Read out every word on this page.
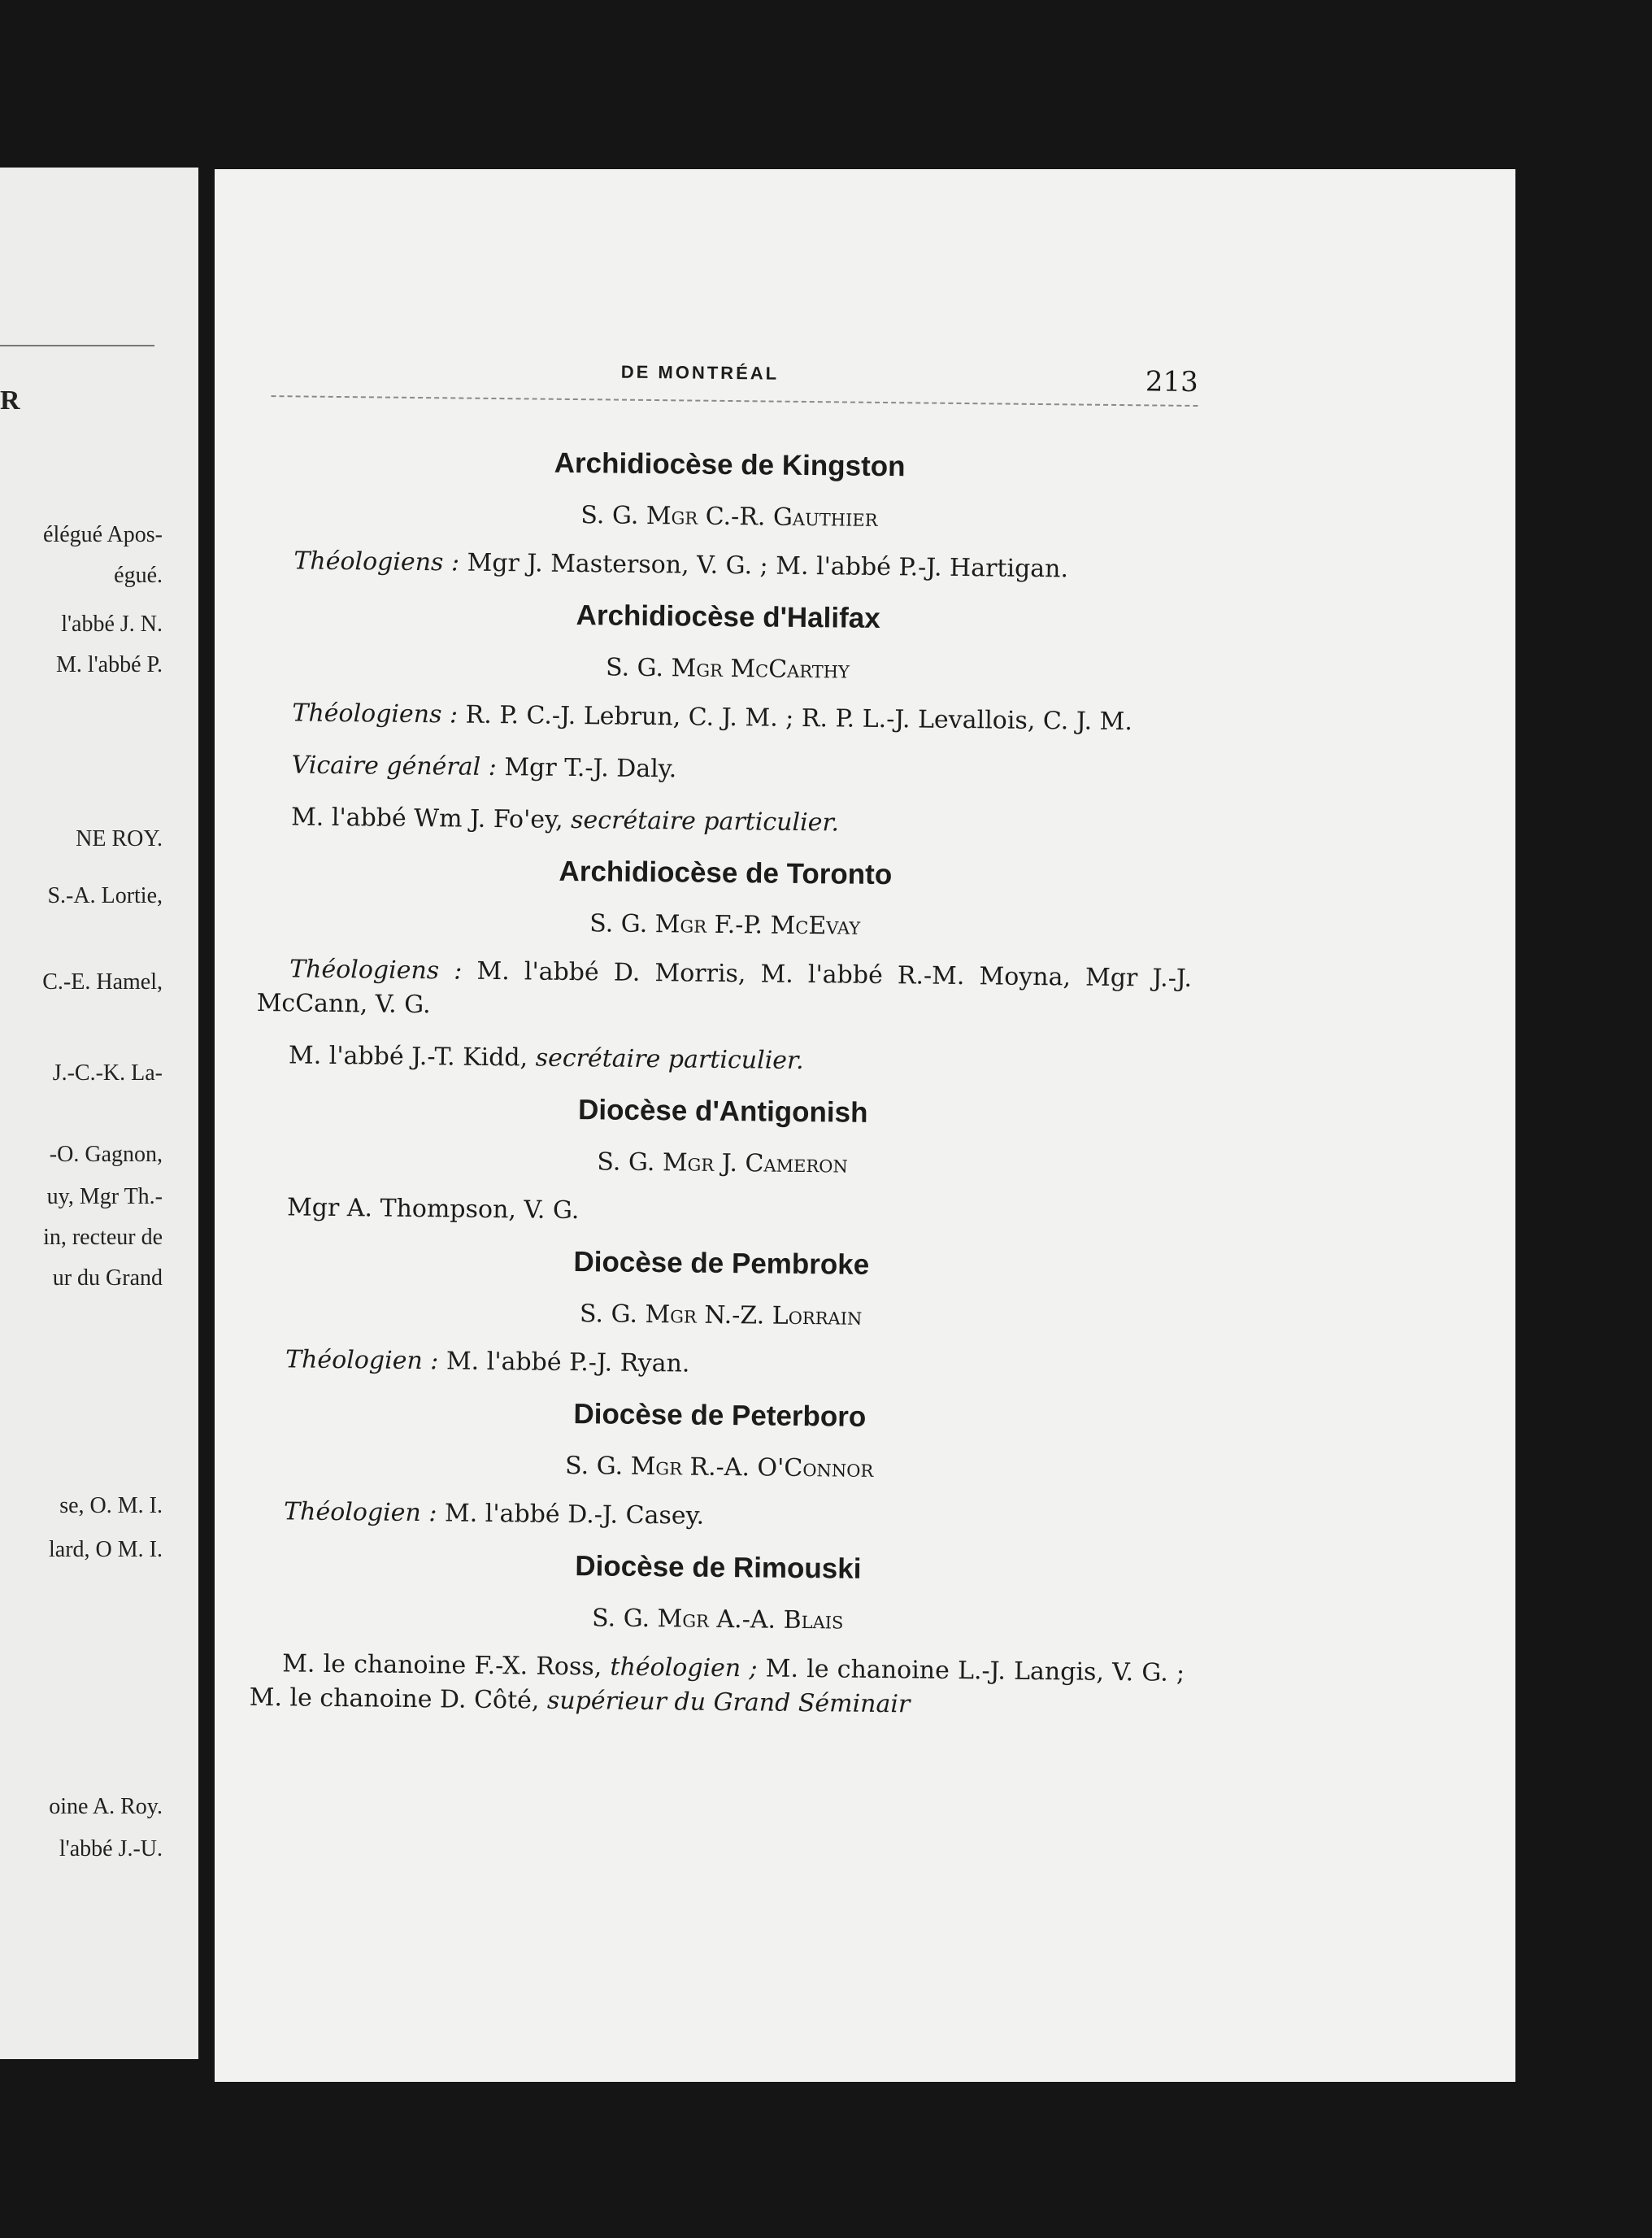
R
élégué Apos-
égué.
l'abbé J. N.
M. l'abbé P.
NE ROY.
S.-A. Lortie,
C.-E. Hamel,
J.-C.-K. La-
-O. Gagnon,
uy, Mgr Th.-
in, recteur de
ur du Grand
se, O. M. I.
lard, O M. I.
oine A. Roy.
l'abbé J.-U.
DE MONTRÉAL	213
Archidiocèse de Kingston

S. G. Mgr C.-R. Gauthier

Théologiens : Mgr J. Masterson, V. G. ; M. l'abbé P.-J. Hartigan.

Archidiocèse d'Halifax

S. G. Mgr McCarthy

Théologiens : R. P. C.-J. Lebrun, C. J. M. ; R. P. L.-J. Levallois, C. J. M.

Vicaire général : Mgr T.-J. Daly.

M. l'abbé Wm J. Fo'ey, secrétaire particulier.

Archidiocèse de Toronto

S. G. Mgr F.-P. McEvay

Théologiens : M. l'abbé D. Morris, M. l'abbé R.-M. Moyna, Mgr J.-J. McCann, V. G.

M. l'abbé J.-T. Kidd, secrétaire particulier.

Diocèse d'Antigonish

S. G. Mgr J. Cameron

Mgr A. Thompson, V. G.

Diocèse de Pembroke

S. G. Mgr N.-Z. Lorrain

Théologien : M. l'abbé P.-J. Ryan.

Diocèse de Peterboro

S. G. Mgr R.-A. O'Connor

Théologien : M. l'abbé D.-J. Casey.

Diocèse de Rimouski

S. G. Mgr A.-A. Blais

M. le chanoine F.-X. Ross, théologien ; M. le chanoine L.-J. Langis, V. G. ; M. le chanoine D. Côté, supérieur du Grand Séminair
